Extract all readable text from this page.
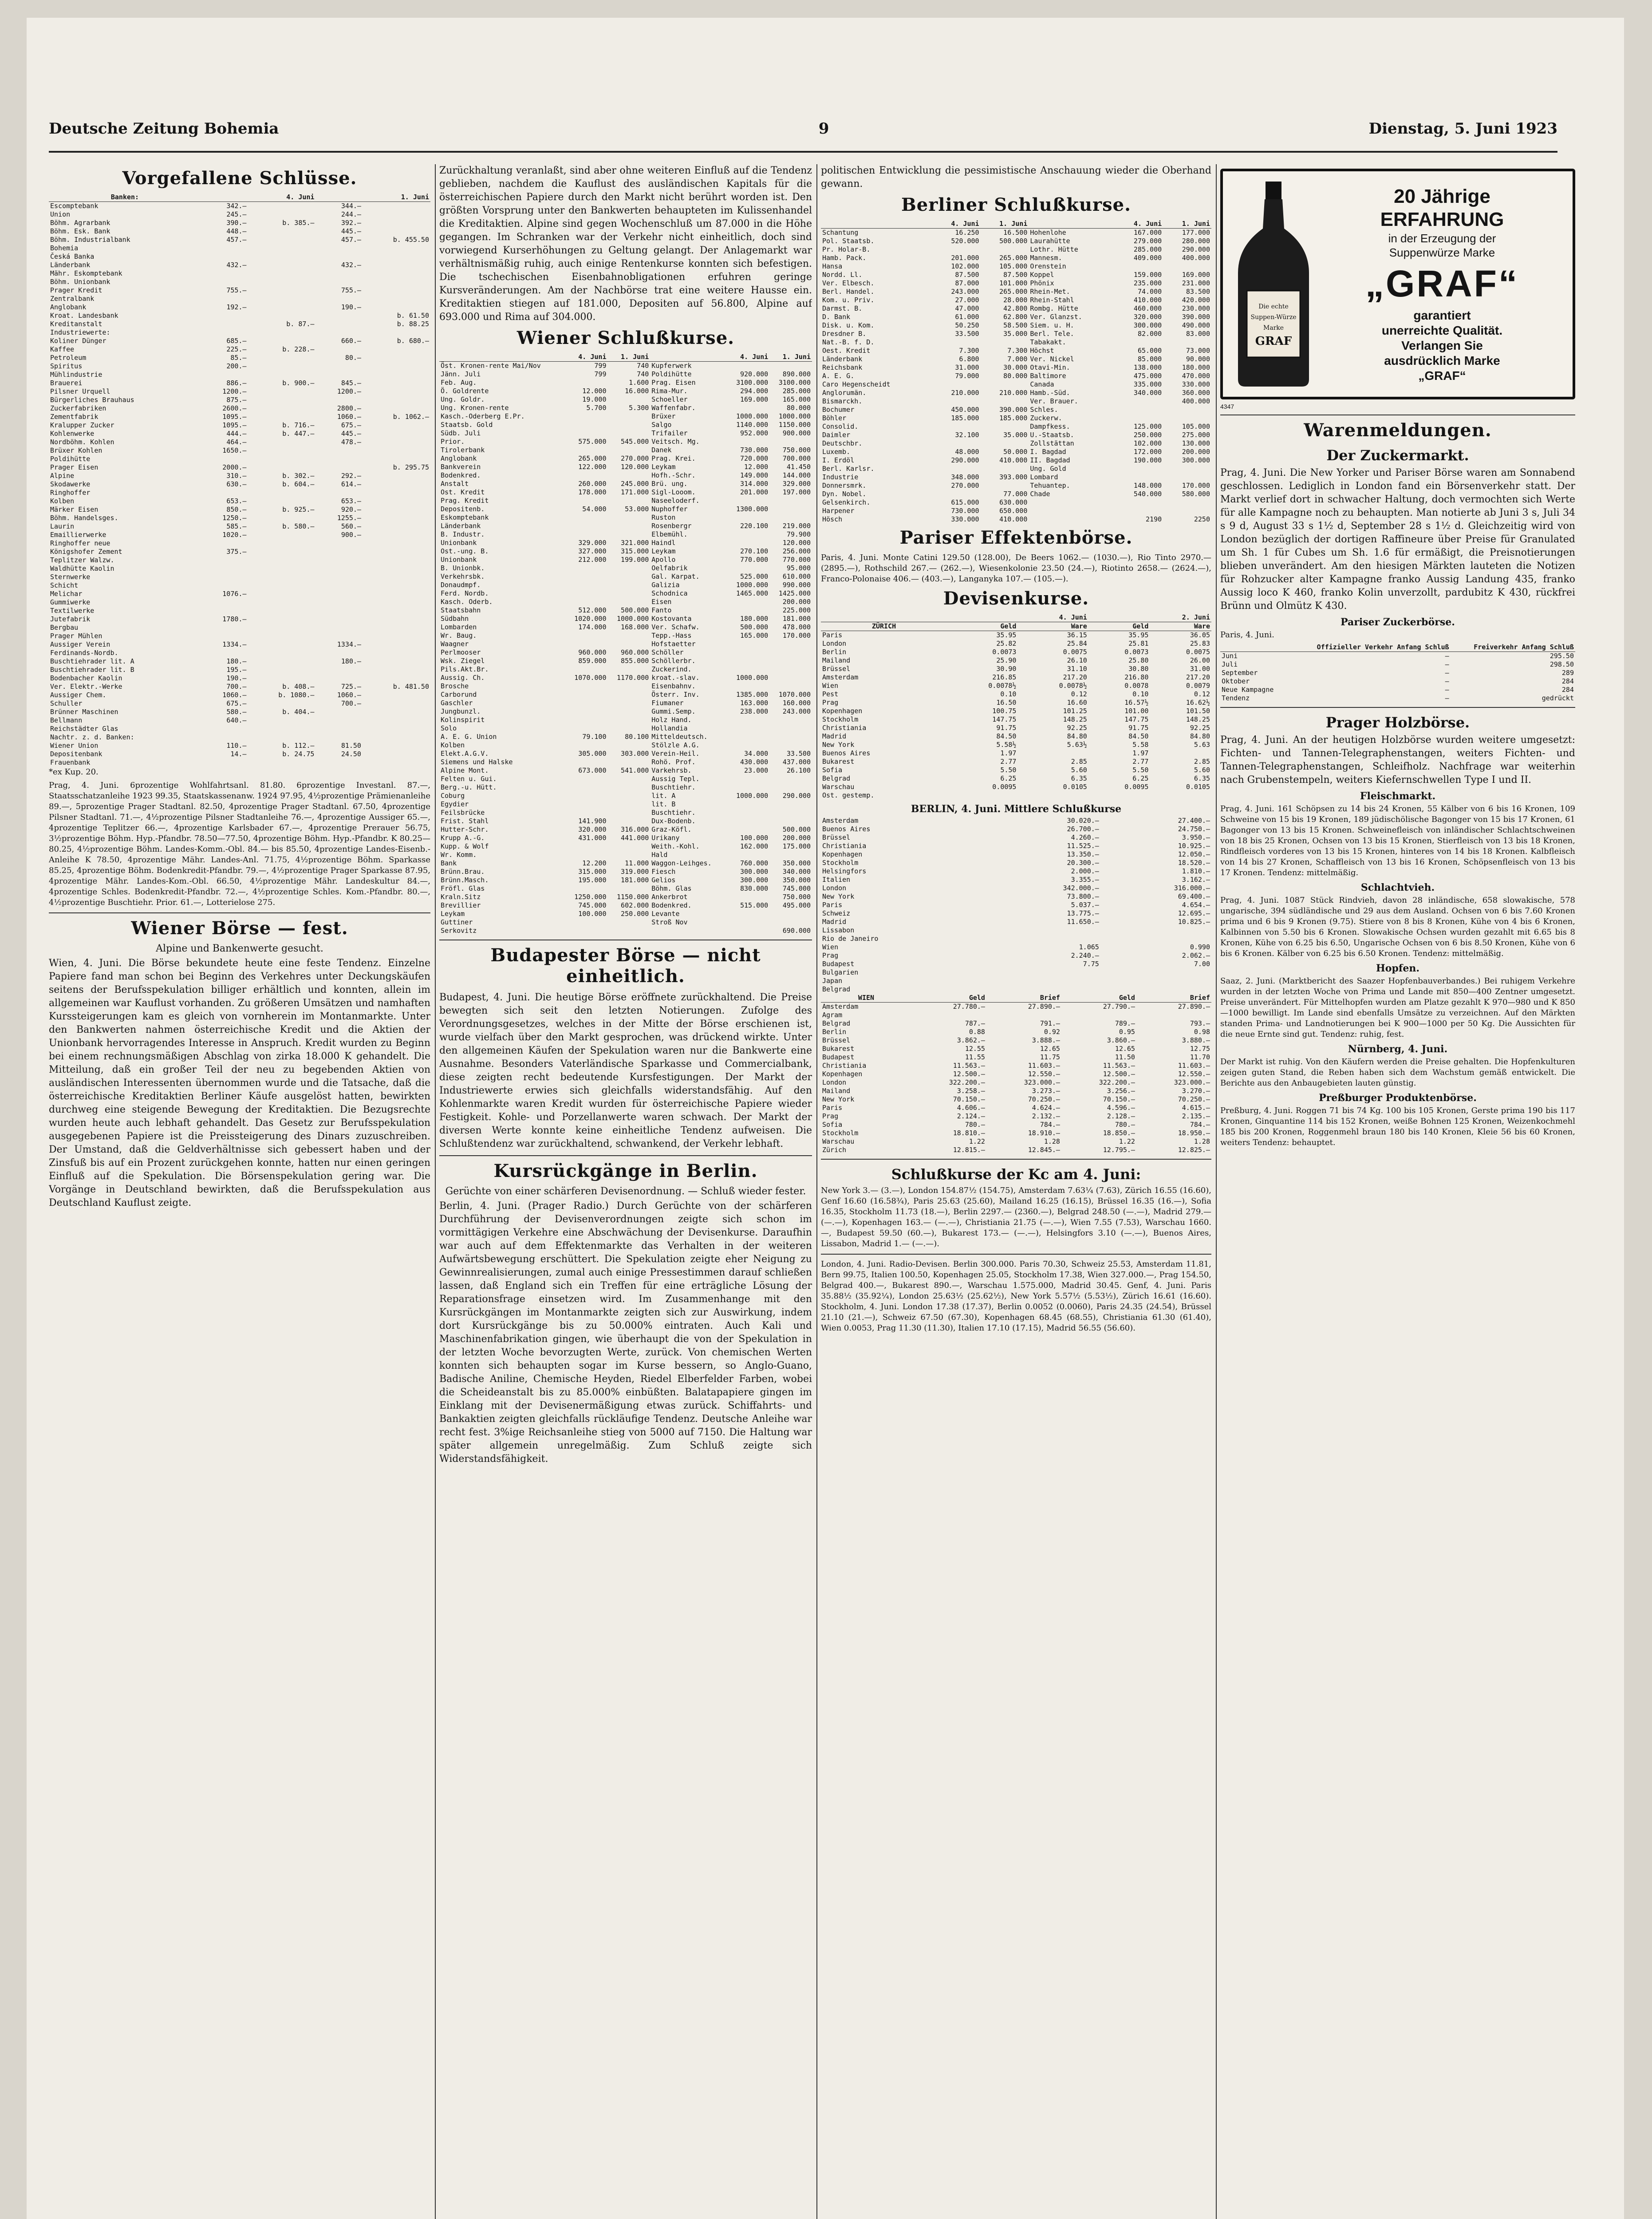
Deutsche Zeitung Bohemia	9	Dienstag, 5. Juni 1923
Vorgefallene Schlüsse.
Banken:	4. Juni		1. Juni	
Escomptebank	342.—		344.—	
Union	245.—		244.—	
Böhm. Agrarbank	390.—	b. 385.—	392.—	
Böhm. Esk. Bank	448.—		445.—	
Böhm. Industrialbank	457.—		457.—	b. 455.50
Bohemia				
Česká Banka				
Länderbank	432.—		432.—	
Mähr. Eskomptebank				
Böhm. Unionbank				
Prager Kredit	755.—		755.—	
Zentralbank				
Anglobank	192.—		190.—	
Kroat. Landesbank				b. 61.50
Kreditanstalt		b. 87.—		b. 88.25
Industriewerte:				
Koliner Dünger	685.—		660.—	b. 680.—
Kaffee	225.—	b. 228.—		
Petroleum	85.—		80.—	
Spiritus	200.—			
Mühlindustrie				
Brauerei	886.—	b. 900.—	845.—	
Pilsner Urquell	1200.—		1200.—	
Bürgerliches Brauhaus	875.—			
Zuckerfabriken	2600.—		2800.—	
Zementfabrik	1095.—		1060.—	b. 1062.—
Kralupper Zucker	1095.—	b. 716.—	675.—	
Kohlenwerke	444.—	b. 447.—	445.—	
Nordböhm. Kohlen	464.—		478.—	
Brüxer Kohlen	1650.—			
Poldihütte				
Prager Eisen	2000.—			b. 295.75
Alpine	310.—	b. 302.—	292.—	
Skodawerke	630.—	b. 604.—	614.—	
Ringhoffer				
Kolben	653.—		653.—	
Märker Eisen	850.—	b. 925.—	920.—	
Böhm. Handelsges.	1250.—		1255.—	
Laurin	585.—	b. 580.—	560.—	
Emaillierwerke	1020.—		900.—	
Ringhoffer neue				
Königshofer Zement	375.—			
Teplitzer Walzw.				
Waldhütte Kaolin				
Sternwerke				
Schicht				
Melichar	1076.—			
Gummiwerke				
Textilwerke				
Jutefabrik	1780.—			
Bergbau				
Prager Mühlen				
Aussiger Verein	1334.—		1334.—	
Ferdinands-Nordb.				
Buschtiehrader lit. A	180.—		180.—	
Buschtiehrader lit. B	195.—			
Bodenbacher Kaolin	190.—			
Ver. Elektr.-Werke	700.—	b. 408.—	725.—	b. 481.50
Aussiger Chem.	1060.—	b. 1080.—	1060.—	
Schuller	675.—		700.—	
Brünner Maschinen	580.—	b. 404.—		
Bellmann	640.—			
Reichstädter Glas				
Nachtr. z. d. Banken:				
Wiener Union	110.—	b. 112.—	81.50	
Depositenbank	14.—	b. 24.75	24.50	
Frauenbank				

*ex Kup. 20.

Prag, 4. Juni. 6prozentige Wohlfahrtsanl. 81.80. 6prozentige Investanl. 87.—, Staatsschatzanleihe 1923 99.35, Staatskassenanw. 1924 97.95, 4½prozentige Prämienanleihe 89.—, 5prozentige Prager Stadtanl. 82.50, 4prozentige Prager Stadtanl. 67.50, 4prozentige Pilsner Stadtanl. 71.—, 4½prozentige Pilsner Stadtanleihe 76.—, 4prozentige Aussiger 65.—, 4prozentige Teplitzer 66.—, 4prozentige Karlsbader 67.—, 4prozentige Prerauer 56.75, 3½prozentige Böhm. Hyp.-Pfandbr. 78.50—77.50, 4prozentige Böhm. Hyp.-Pfandbr. K 80.25—80.25, 4½prozentige Böhm. Landes-Komm.-Obl. 84.— bis 85.50, 4prozentige Landes-Eisenb.-Anleihe K 78.50, 4prozentige Mähr. Landes-Anl. 71.75, 4½prozentige Böhm. Sparkasse 85.25, 4prozentige Böhm. Bodenkredit-Pfandbr. 79.—, 4½prozentige Prager Sparkasse 87.95, 4prozentige Mähr. Landes-Kom.-Obl. 66.50, 4½prozentige Mähr. Landeskultur 84.—, 4prozentige Schles. Bodenkredit-Pfandbr. 72.—, 4½prozentige Schles. Kom.-Pfandbr. 80.—, 4½prozentige Buschtiehr. Prior. 61.—, Lotterielose 275.

Wiener Börse — fest.
Alpine und Bankenwerte gesucht.

Wien, 4. Juni. Die Börse bekundete heute eine feste Tendenz. Einzelne Papiere fand man schon bei Beginn des Verkehres unter Deckungskäufen seitens der Berufsspekulation billiger erhältlich und konnten, allein im allgemeinen war Kauflust vorhanden. Zu größeren Umsätzen und namhaften Kurssteigerungen kam es gleich von vornherein im Montanmarkte. Unter den Bankwerten nahmen österreichische Kredit und die Aktien der Unionbank hervorragendes Interesse in Anspruch. Kredit wurden zu Beginn bei einem rechnungsmäßigen Abschlag von zirka 18.000 K gehandelt. Die Mitteilung, daß ein großer Teil der neu zu begebenden Aktien von ausländischen Interessenten übernommen wurde und die Tatsache, daß die österreichische Kreditaktien Berliner Käufe ausgelöst hatten, bewirkten durchweg eine steigende Bewegung der Kreditaktien. Die Bezugsrechte wurden heute auch lebhaft gehandelt. Das Gesetz zur Berufsspekulation ausgegebenen Papiere ist die Preissteigerung des Dinars zuzuschreiben. Der Umstand, daß die Geldverhältnisse sich gebessert haben und der Zinsfuß bis auf ein Prozent zurückgehen konnte, hatten nur einen geringen Einfluß auf die Spekulation. Die Börsenspekulation gering war. Die Vorgänge in Deutschland bewirkten, daß die Berufsspekulation aus Deutschland Kauflust zeigte.

Zurückhaltung veranlaßt, sind aber ohne weiteren Einfluß auf die Tendenz geblieben, nachdem die Kauflust des ausländischen Kapitals für die österreichischen Papiere durch den Markt nicht berührt worden ist. Den größten Vorsprung unter den Bankwerten behaupteten im Kulissenhandel die Kreditaktien. Alpine sind gegen Wochenschluß um 87.000 in die Höhe gegangen. Im Schranken war der Verkehr nicht einheitlich, doch sind vorwiegend Kurserhöhungen zu Geltung gelangt. Der Anlagemarkt war verhältnismäßig ruhig, auch einige Rentenkurse konnten sich befestigen. Die tschechischen Eisenbahnobligationen erfuhren geringe Kursveränderungen. Am der Nachbörse trat eine weitere Hausse ein. Kreditaktien stiegen auf 181.000, Depositen auf 56.800, Alpine auf 693.000 und Rima auf 304.000.

Wiener Schlußkurse.
	4. Juni	1. Juni		4. Juni	1. Juni
Öst. Kronen-rente Mai/Nov	799	740	Kupferwerk		
Jänn. Juli	799	740	Poldihütte	920.000	890.000
Feb. Aug.		1.600	Prag. Eisen	3100.000	3100.000
Ö. Goldrente	12.000	16.000	Rima-Mur.	294.000	285.000
Ung. Goldr.	19.000		Schoeller	169.000	165.000
Ung. Kronen-rente	5.700	5.300	Waffenfabr.		80.000
Kasch.-Oderberg E.Pr.			Brüxer	1000.000	1000.000
Staatsb. Gold			Salgo	1140.000	1150.000
Südb. Juli			Trifailer	952.000	900.000
Prior.	575.000	545.000	Veitsch. Mg.		
Tirolerbank			Danek	730.000	750.000
Anglobank	265.000	270.000	Prag. Krei.	720.000	700.000
Bankverein	122.000	120.000	Leykam	12.000	41.450
Bodenkred.			Hofh.-Schr.	149.000	144.000
Anstalt	260.000	245.000	Brü. ung.	314.000	329.000
Ost. Kredit	178.000	171.000	Sigl-Looom.	201.000	197.000
Prag. Kredit			Naseeloderf.		
Depositenb.	54.000	53.000	Nuphoffer	1300.000	
Eskomptebank			Ruston		
Länderbank			Rosenbergr	220.100	219.000
B. Industr.			Elbemühl.		79.900
Unionbank	329.000	321.000	Haindl		120.000
Ost.-ung. B.	327.000	315.000	Leykam	270.100	256.000
Unionbank	212.000	199.000	Apollo	770.000	770.000
B. Unionbk.			Oelfabrik		95.000
Verkehrsbk.			Gal. Karpat.	525.000	610.000
Donaudmpf.			Galizia	1000.000	990.000
Ferd. Nordb.			Schodnica	1465.000	1425.000
Kasch. Oderb.			Eisen		200.000
Staatsbahn	512.000	500.000	Fanto		225.000
Südbahn	1020.000	1000.000	Kostovanta	180.000	181.000
Lombarden	174.000	168.000	Ver. Schafw.	500.000	478.000
Wr. Baug.			Tepp.-Hass	165.000	170.000
Waagner			Hofstaetter		
Perlmooser	960.000	960.000	Schöller		
Wsk. Ziegel	859.000	855.000	Schöllerbr.		
Pils.Akt.Br.			Zuckerind.		
Aussig. Ch.	1070.000	1170.000	kroat.-slav.	1000.000	
Brosche			Eisenbahnv.		
Carborund			Österr. Inv.	1385.000	1070.000
Gaschler			Fiumaner	163.000	160.000
Jungbunzl.			Gummi.Semp.	238.000	243.000
Kolinspirit			Holz Hand.		
Solo			Hollandia		
A. E. G. Union	79.100	80.100	Mitteldeutsch.		
Kolben			Stölzle A.G.		
Elekt.A.G.V.	305.000	303.000	Verein-Heil.	34.000	33.500
Siemens und Halske			Rohö. Prof.	430.000	437.000
Alpine Mont.	673.000	541.000	Varkehrsb.	23.000	26.100
Felten u. Gui.			Aussig Tepl.		
Berg.-u. Hütt.			Buschtiehr.		
Coburg			lit. A	1000.000	290.000
Egydier			lit. B		
Feilsbrücke			Buschtiehr.		
Frist. Stahl	141.900		Dux-Bodenb.		
Hutter-Schr.	320.000	316.000	Graz-Köfl.		500.000
Krupp A.-G.	431.000	441.000	Urikany	100.000	200.000
Kupp. & Wolf			Weith.-Kohl.	162.000	175.000
Wr. Komm.			Hald		
Bank	12.200	11.000	Waggon-Leihges.	760.000	350.000
Brünn.Brau.	315.000	319.000	Fiesch	300.000	340.000
Brünn.Masch.	195.000	181.000	Gelios	300.000	350.000
Fröfl. Glas			Böhm. Glas	830.000	745.000
Kraln.Sitz	1250.000	1150.000	Ankerbrot		750.000
Brevillier	745.000	602.000	Bodenkred.	515.000	495.000
Leykam	100.000	250.000	Levante		
Guttiner			Stroß Nov		
Serkovitz					690.000
Budapester Börse — nicht einheitlich.

Budapest, 4. Juni. Die heutige Börse eröffnete zurückhaltend. Die Preise bewegten sich seit den letzten Notierungen. Zufolge des Verordnungsgesetzes, welches in der Mitte der Börse erschienen ist, wurde vielfach über den Markt gesprochen, was drückend wirkte. Unter den allgemeinen Käufen der Spekulation waren nur die Bankwerte eine Ausnahme. Besonders Vaterländische Sparkasse und Commercialbank, diese zeigten recht bedeutende Kursfestigungen. Der Markt der Industriewerte erwies sich gleichfalls widerstandsfähig. Auf den Kohlenmarkte waren Kredit wurden für österreichische Papiere wieder Festigkeit. Kohle- und Porzellanwerte waren schwach. Der Markt der diversen Werte konnte keine einheitliche Tendenz aufweisen. Die Schlußtendenz war zurückhaltend, schwankend, der Verkehr lebhaft.

Kursrückgänge in Berlin.
Gerüchte von einer schärferen Devisenordnung. — Schluß wieder fester.

Berlin, 4. Juni. (Prager Radio.) Durch Gerüchte von der schärferen Durchführung der Devisenverordnungen zeigte sich schon im vormittägigen Verkehre eine Abschwächung der Devisenkurse. Daraufhin war auch auf dem Effektenmarkte das Verhalten in der weiteren Aufwärtsbewegung erschüttert. Die Spekulation zeigte eher Neigung zu Gewinnrealisierungen, zumal auch einige Pressestimmen darauf schließen lassen, daß England sich ein Treffen für eine erträgliche Lösung der Reparationsfrage einsetzen wird. Im Zusammenhange mit den Kursrückgängen im Montanmarkte zeigten sich zur Auswirkung, indem dort Kursrückgänge bis zu 50.000% eintraten. Auch Kali und Maschinenfabrikation gingen, wie überhaupt die von der Spekulation in der letzten Woche bevorzugten Werte, zurück. Von chemischen Werten konnten sich behaupten sogar im Kurse bessern, so Anglo-Guano, Badische Aniline, Chemische Heyden, Riedel Elberfelder Farben, wobei die Scheideanstalt bis zu 85.000% einbüßten. Balatapapiere gingen im Einklang mit der Devisenermäßigung etwas zurück. Schiffahrts- und Bankaktien zeigten gleichfalls rückläufige Tendenz. Deutsche Anleihe war recht fest. 3%ige Reichsanleihe stieg von 5000 auf 7150. Die Haltung war später allgemein unregelmäßig. Zum Schluß zeigte sich Widerstandsfähigkeit.

politischen Entwicklung die pessimistische Anschauung wieder die Oberhand gewann.

Berliner Schlußkurse.
	4. Juni	1. Juni		4. Juni	1. Juni
Schantung	16.250	16.500	Hohenlohe	167.000	177.000
Pol. Staatsb.	520.000	500.000	Laurahütte	279.000	280.000
Pr. Holar-B.			Lothr. Hütte	285.000	290.000
Hamb. Pack.	201.000	265.000	Mannesm.	409.000	400.000
Hansa	102.000	105.000	Orenstein		
Nordd. Ll.	87.500	87.500	Koppel	159.000	169.000
Ver. Elbesch.	87.000	101.000	Phönix	235.000	231.000
Berl. Handel.	243.000	265.000	Rhein-Met.	74.000	83.500
Kom. u. Priv.	27.000	28.000	Rhein-Stahl	410.000	420.000
Darmst. B.	47.000	42.800	Rombg. Hütte	460.000	230.000
D. Bank	61.000	62.800	Ver. Glanzst.	320.000	390.000
Disk. u. Kom.	50.250	58.500	Siem. u. H.	300.000	490.000
Dresdner B.	33.500	35.000	Berl. Tele.	82.000	83.000
Nat.-B. f. D.			Tabakakt.		
Oest. Kredit	7.300	7.300	Höchst	65.000	73.000
Länderbank	6.800	7.000	Ver. Nickel	85.000	90.000
Reichsbank	31.000	30.000	Otavi-Min.	138.000	180.000
A. E. G.	79.000	80.000	Baltimore	475.000	470.000
Caro Hegenscheidt			Canada	335.000	330.000
Anglorumän.	210.000	210.000	Hamb.-Süd.	340.000	360.000
Bismarckh.			Ver. Brauer.		400.000
Bochumer	450.000	390.000	Schles.		
Böhler	185.000	185.000	Zuckerw.		
Consolid.			Dampfkess.	125.000	105.000
Daimler	32.100	35.000	U.-Staatsb.	250.000	275.000
Deutschbr.			Zollstättan	102.000	130.000
Luxemb.	48.000	50.000	I. Bagdad	172.000	200.000
I. Erdöl	290.000	410.000	II. Bagdad	190.000	300.000
Berl. Karlsr.			Ung. Gold		
Industrie	348.000	393.000	Lombard		
Donnersmrk.	270.000		Tehuantep.	148.000	170.000
Dyn. Nobel.		77.000	Chade	540.000	580.000
Gelsenkirch.	615.000	630.000			
Harpener	730.000	650.000			
Hösch	330.000	410.000		2190	2250
Pariser Effektenbörse.

Paris, 4. Juni. Monte Catini 129.50 (128.00), De Beers 1062.— (1030.—), Rio Tinto 2970.— (2895.—), Rothschild 267.— (262.—), Wiesenkolonie 23.50 (24.—), Riotinto 2658.— (2624.—), Franco-Polonaise 406.— (403.—), Langanyka 107.— (105.—).

Devisenkurse.
	4. Juni		2. Juni	
ZÜRICH	Geld	Ware	Geld	Ware
Paris	35.95	36.15	35.95	36.05
London	25.82	25.84	25.81	25.83
Berlin	0.0073	0.0075	0.0073	0.0075
Mailand	25.90	26.10	25.80	26.00
Brüssel	30.90	31.10	30.80	31.00
Amsterdam	216.85	217.20	216.80	217.20
Wien	0.0078½	0.0078½	0.0078	0.0079
Pest	0.10	0.12	0.10	0.12
Prag	16.50	16.60	16.57½	16.62½
Kopenhagen	100.75	101.25	101.00	101.50
Stockholm	147.75	148.25	147.75	148.25
Christiania	91.75	92.25	91.75	92.25
Madrid	84.50	84.80	84.50	84.80
New York	5.58½	5.63½	5.58	5.63
Buenos Aires	1.97		1.97	
Bukarest	2.77	2.85	2.77	2.85
Sofia	5.50	5.60	5.50	5.60
Belgrad	6.25	6.35	6.25	6.35
Warschau	0.0095	0.0105	0.0095	0.0105
Ost. gestemp.				
BERLIN, 4. Juni. Mittlere Schlußkurse
Amsterdam	30.020.—	27.400.—
Buenos Aires	26.700.—	24.750.—
Brüssel	4.260.—	3.950.—
Christiania	11.525.—	10.925.—
Kopenhagen	13.350.—	12.050.—
Stockholm	20.300.—	18.520.—
Helsingfors	2.000.—	1.810.—
Italien	3.355.—	3.162.—
London	342.000.—	316.000.—
New York	73.800.—	69.400.—
Paris	5.037.—	4.654.—
Schweiz	13.775.—	12.695.—
Madrid	11.650.—	10.825.—
Lissabon		
Rio de Janeiro		
Wien	1.065	0.990
Prag	2.240.—	2.062.—
Budapest	7.75	7.00
Bulgarien		
Japan		
Belgrad		
WIEN	Geld	Brief	Geld	Brief
Amsterdam	27.780.—	27.890.—	27.790.—	27.890.—
Agram				
Belgrad	787.—	791.—	789.—	793.—
Berlin	0.88	0.92	0.95	0.98
Brüssel	3.862.—	3.888.—	3.860.—	3.880.—
Bukarest	12.55	12.65	12.65	12.75
Budapest	11.55	11.75	11.50	11.70
Christiania	11.563.—	11.603.—	11.563.—	11.603.—
Kopenhagen	12.500.—	12.550.—	12.500.—	12.550.—
London	322.200.—	323.000.—	322.200.—	323.000.—
Mailand	3.258.—	3.273.—	3.256.—	3.270.—
New York	70.150.—	70.250.—	70.150.—	70.250.—
Paris	4.606.—	4.624.—	4.596.—	4.615.—
Prag	2.124.—	2.132.—	2.128.—	2.135.—
Sofia	780.—	784.—	780.—	784.—
Stockholm	18.810.—	18.910.—	18.850.—	18.950.—
Warschau	1.22	1.28	1.22	1.28
Zürich	12.815.—	12.845.—	12.795.—	12.825.—
Schlußkurse der Kc am 4. Juni:

New York 3.— (3.—), London 154.87½ (154.75), Amsterdam 7.63¼ (7.63), Zürich 16.55 (16.60), Genf 16.60 (16.58¾), Paris 25.63 (25.60), Mailand 16.25 (16.15), Brüssel 16.35 (16.—), Sofia 16.35, Stockholm 11.73 (18.—), Berlin 2297.— (2360.—), Belgrad 248.50 (—.—), Madrid 279.— (—.—), Kopenhagen 163.— (—.—), Christiania 21.75 (—.—), Wien 7.55 (7.53), Warschau 1660.—, Budapest 59.50 (60.—), Bukarest 173.— (—.—), Helsingfors 3.10 (—.—), Buenos Aires, Lissabon, Madrid 1.— (—.—).

London, 4. Juni. Radio-Devisen. Berlin 300.000. Paris 70.30, Schweiz 25.53, Amsterdam 11.81, Bern 99.75, Italien 100.50, Kopenhagen 25.05, Stockholm 17.38, Wien 327.000.—, Prag 154.50, Belgrad 400.—, Bukarest 890.—, Warschau 1.575.000, Madrid 30.45. Genf, 4. Juni. Paris 35.88½ (35.92¼), London 25.63½ (25.62½), New York 5.57½ (5.53½), Zürich 16.61 (16.60). Stockholm, 4. Juni. London 17.38 (17.37), Berlin 0.0052 (0.0060), Paris 24.35 (24.54), Brüssel 21.10 (21.—), Schweiz 67.50 (67.30), Kopenhagen 68.45 (68.55), Christiania 61.30 (61.40), Wien 0.0053, Prag 11.30 (11.30), Italien 17.10 (17.15), Madrid 56.55 (56.60).

Die echte
Suppen-Würze
Marke
GRAF
20 Jährige
ERFAHRUNG
in der Erzeugung der
Suppenwürze Marke
„GRAF“
garantiert
unerreichte Qualität.
Verlangen Sie
ausdrücklich Marke
„GRAF“
4347
Warenmeldungen.
Der Zuckermarkt.

Prag, 4. Juni. Die New Yorker und Pariser Börse waren am Sonnabend geschlossen. Lediglich in London fand ein Börsenverkehr statt. Der Markt verlief dort in schwacher Haltung, doch vermochten sich Werte für alle Kampagne noch zu behaupten. Man notierte ab Juni 3 s, Juli 34 s 9 d, August 33 s 1½ d, September 28 s 1½ d. Gleichzeitig wird von London bezüglich der dortigen Raffineure über Preise für Granulated um Sh. 1 für Cubes um Sh. 1.6 für ermäßigt, die Preisnotierungen blieben unverändert. Am den hiesigen Märkten lauteten die Notizen für Rohzucker alter Kampagne franko Aussig Landung 435, franko Aussig loco K 460, franko Kolin unverzollt, pardubitz K 430, rückfrei Brünn und Olmütz K 430.

Pariser Zuckerbörse.

Paris, 4. Juni.

	Offizieller Verkehr Anfang Schluß	Freiverkehr Anfang Schluß
Juni	—	295.50
Juli	—	298.50
September	—	289
Oktober	—	284
Neue Kampagne	—	284
Tendenz	—	gedrückt
Prager Holzbörse.

Prag, 4. Juni. An der heutigen Holzbörse wurden weitere umgesetzt: Fichten- und Tannen-Telegraphenstangen, weiters Fichten- und Tannen-Telegraphenstangen, Schleifholz. Nachfrage war weiterhin nach Grubenstempeln, weiters Kiefernschwellen Type I und II.

Fleischmarkt.

Prag, 4. Juni. 161 Schöpsen zu 14 bis 24 Kronen, 55 Kälber von 6 bis 16 Kronen, 109 Schweine von 15 bis 19 Kronen, 189 jüdischölische Bagonger von 15 bis 17 Kronen, 61 Bagonger von 13 bis 15 Kronen. Schweinefleisch von inländischer Schlachtschweinen von 18 bis 25 Kronen, Ochsen von 13 bis 15 Kronen, Stierfleisch von 13 bis 18 Kronen, Rindfleisch vorderes von 13 bis 15 Kronen, hinteres von 14 bis 18 Kronen. Kalbfleisch von 14 bis 27 Kronen, Schaffleisch von 13 bis 16 Kronen, Schöpsenfleisch von 13 bis 17 Kronen. Tendenz: mittelmäßig.

Schlachtvieh.

Prag, 4. Juni. 1087 Stück Rindvieh, davon 28 inländische, 658 slowakische, 578 ungarische, 394 südländische und 29 aus dem Ausland. Ochsen von 6 bis 7.60 Kronen prima und 6 bis 9 Kronen (9.75). Stiere von 8 bis 8 Kronen, Kühe von 4 bis 6 Kronen, Kalbinnen von 5.50 bis 6 Kronen. Slowakische Ochsen wurden gezahlt mit 6.65 bis 8 Kronen, Kühe von 6.25 bis 6.50, Ungarische Ochsen von 6 bis 8.50 Kronen, Kühe von 6 bis 6 Kronen. Kälber von 6.25 bis 6.50 Kronen. Tendenz: mittelmäßig.

Hopfen.

Saaz, 2. Juni. (Marktbericht des Saazer Hopfenbauverbandes.) Bei ruhigem Verkehre wurden in der letzten Woche von Prima und Lande mit 850—400 Zentner umgesetzt. Preise unverändert. Für Mittelhopfen wurden am Platze gezahlt K 970—980 und K 850—1000 bewilligt. Im Lande sind ebenfalls Umsätze zu verzeichnen. Auf den Märkten standen Prima- und Landnotierungen bei K 900—1000 per 50 Kg. Die Aussichten für die neue Ernte sind gut. Tendenz: ruhig, fest.

Nürnberg, 4. Juni.

Der Markt ist ruhig. Von den Käufern werden die Preise gehalten. Die Hopfenkulturen zeigen guten Stand, die Reben haben sich dem Wachstum gemäß entwickelt. Die Berichte aus den Anbaugebieten lauten günstig.

Preßburger Produktenbörse.

Preßburg, 4. Juni. Roggen 71 bis 74 Kg. 100 bis 105 Kronen, Gerste prima 190 bis 117 Kronen, Ginquantine 114 bis 152 Kronen, weiße Bohnen 125 Kronen, Weizenkochmehl 185 bis 200 Kronen, Roggenmehl braun 180 bis 140 Kronen, Kleie 56 bis 60 Kronen, weiters Tendenz: behauptet.
